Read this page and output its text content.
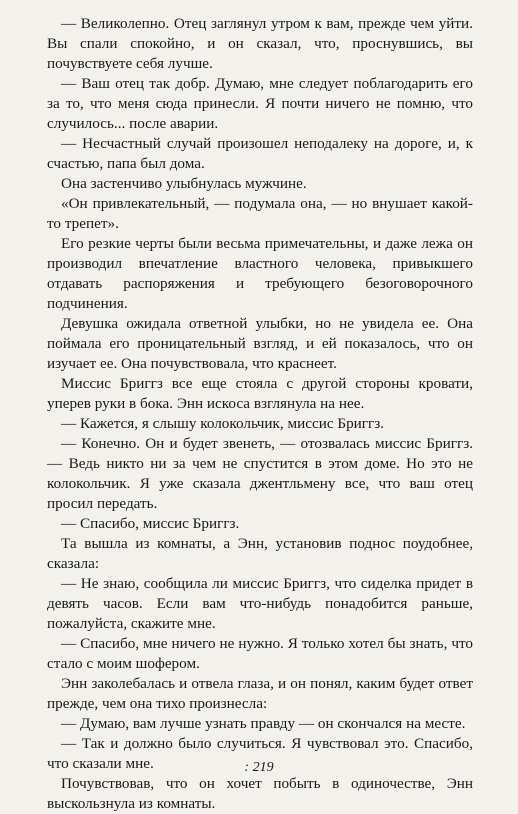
— Великолепно. Отец заглянул утром к вам, прежде чем уйти. Вы спали спокойно, и он сказал, что, проснувшись, вы почувствуете себя лучше.

— Ваш отец так добр. Думаю, мне следует поблагодарить его за то, что меня сюда принесли. Я почти ничего не помню, что случилось... после аварии.

— Несчастный случай произошел неподалеку на дороге, и, к счастью, папа был дома.

Она застенчиво улыбнулась мужчине.

«Он привлекательный, — подумала она, — но внушает какой-то трепет».

Его резкие черты были весьма примечательны, и даже лежа он производил впечатление властного человека, привыкшего отдавать распоряжения и требующего безоговорочного подчинения.

Девушка ожидала ответной улыбки, но не увидела ее. Она поймала его проницательный взгляд, и ей показалось, что он изучает ее. Она почувствовала, что краснеет.

Миссис Бриггз все еще стояла с другой стороны кровати, уперев руки в бока. Энн искоса взглянула на нее.

— Кажется, я слышу колокольчик, миссис Бриггз.

— Конечно. Он и будет звенеть, — отозвалась миссис Бриггз. — Ведь никто ни за чем не спустится в этом доме. Но это не колокольчик. Я уже сказала джентльмену все, что ваш отец просил передать.

— Спасибо, миссис Бриггз.

Та вышла из комнаты, а Энн, установив поднос поудобнее, сказала:

— Не знаю, сообщила ли миссис Бриггз, что сиделка придет в девять часов. Если вам что-нибудь понадобится раньше, пожалуйста, скажите мне.

— Спасибо, мне ничего не нужно. Я только хотел бы знать, что стало с моим шофером.

Энн заколебалась и отвела глаза, и он понял, каким будет ответ прежде, чем она тихо произнесла:

— Думаю, вам лучше узнать правду — он скончался на месте.

— Так и должно было случиться. Я чувствовал это. Спасибо, что сказали мне.

Почувствовав, что он хочет побыть в одиночестве, Энн выскользнула из комнаты.

: 219
